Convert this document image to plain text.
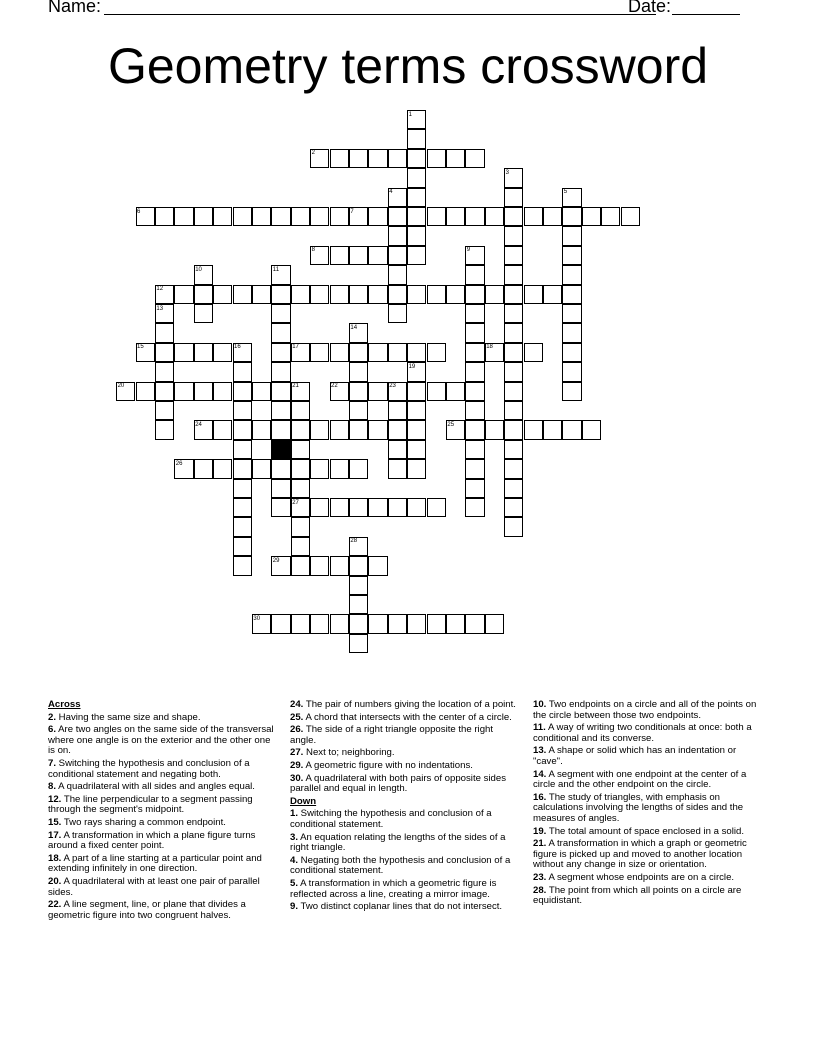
Name:	Date:
Geometry terms crossword
1
2
3
4	5
6	7
8	9
10	11
12
13
14
15	16	17	18
19
20	21
27
22	23
24	25
26
28
29
30
Across
2. Having the same size and shape.
6. Are two angles on the same side of the transversal where one angle is on the exterior and the other one is on.
7. Switching the hypothesis and conclusion of a conditional statement and negating both.
8. A quadrilateral with all sides and angles equal.
12. The line perpendicular to a segment passing through the segment's midpoint.
15. Two rays sharing a common endpoint.
17. A transformation in which a plane figure turns around a fixed center point.
18. A part of a line starting at a particular point and extending infinitely in one direction.
20. A quadrilateral with at least one pair of parallel sides.
22. A line segment, line, or plane that divides a geometric figure into two congruent halves.
24. The pair of numbers giving the location of a point.
25. A chord that intersects with the center of a circle.
26. The side of a right triangle opposite the right angle.
27. Next to; neighboring.
29. A geometric figure with no indentations.
30. A quadrilateral with both pairs of opposite sides parallel and equal in length.
Down
1. Switching the hypothesis and conclusion of a conditional statement.
3. An equation relating the lengths of the sides of a right triangle.
4. Negating both the hypothesis and conclusion of a conditional statement.
5. A transformation in which a geometric figure is reflected across a line, creating a mirror image.
9. Two distinct coplanar lines that do not intersect.
10. Two endpoints on a circle and all of the points on the circle between those two endpoints.
11. A way of writing two conditionals at once: both a conditional and its converse.
13. A shape or solid which has an indentation or "cave".
14. A segment with one endpoint at the center of a circle and the other endpoint on the circle.
16. The study of triangles, with emphasis on calculations involving the lengths of sides and the measures of angles.
19. The total amount of space enclosed in a solid.
21. A transformation in which a graph or geometric figure is picked up and moved to another location without any change in size or orientation.
23. A segment whose endpoints are on a circle.
28. The point from which all points on a circle are equidistant.
